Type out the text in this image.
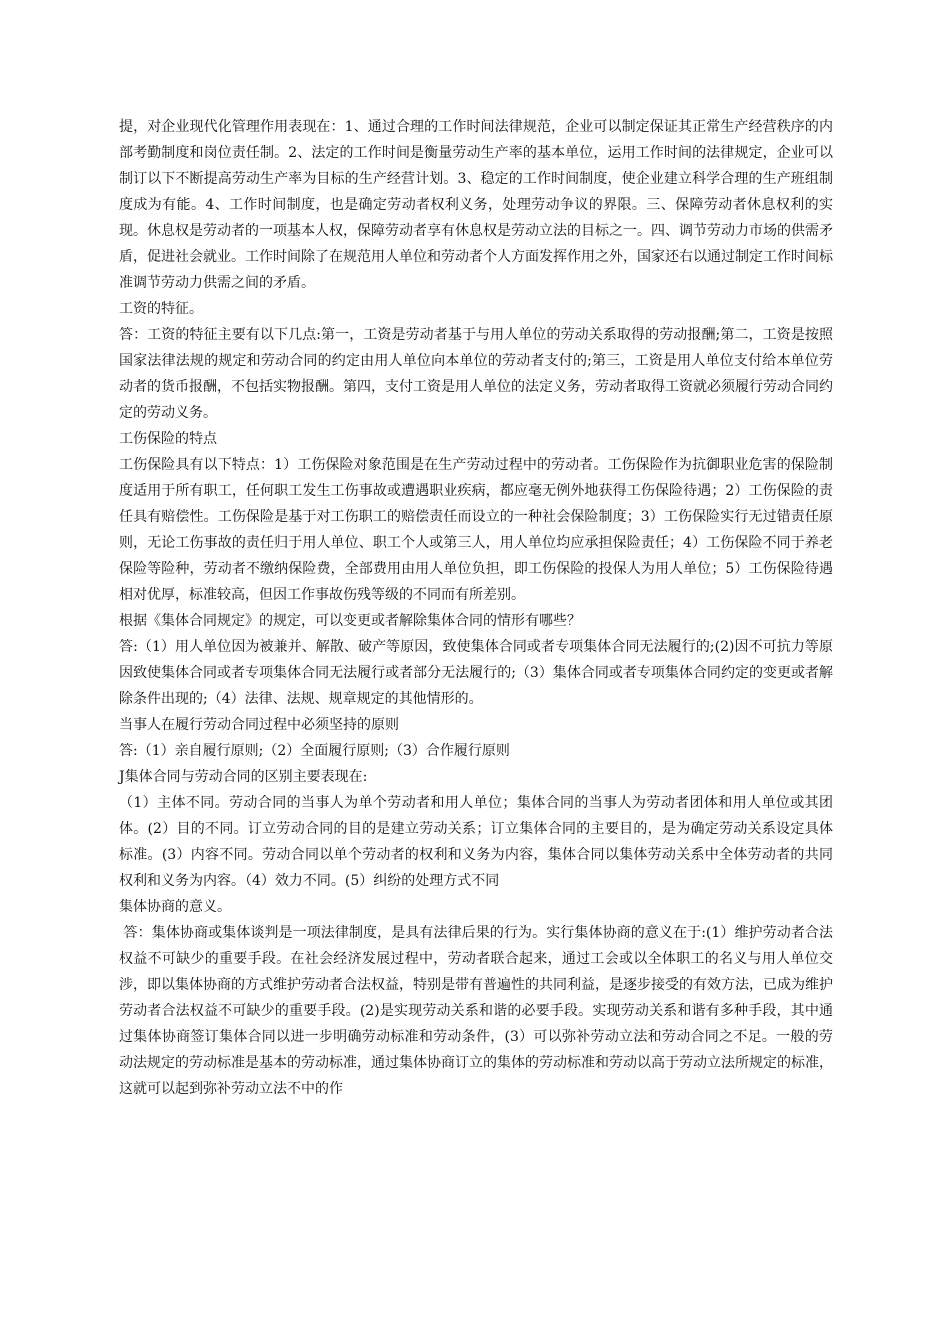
提，对企业现代化管理作用表现在：1、通过合理的工作时间法律规范，企业可以制定保证其正常生产经营秩序的内部考勤制度和岗位责任制。2、法定的工作时间是衡量劳动生产率的基本单位，运用工作时间的法律规定，企业可以制订以下不断提高劳动生产率为目标的生产经营计划。3、稳定的工作时间制度，使企业建立科学合理的生产班组制度成为有能。4、工作时间制度，也是确定劳动者权利义务，处理劳动争议的界限。三、保障劳动者休息权利的实现。休息权是劳动者的一项基本人权，保障劳动者享有休息权是劳动立法的目标之一。四、调节劳动力市场的供需矛盾，促进社会就业。工作时间除了在规范用人单位和劳动者个人方面发挥作用之外，国家还右以通过制定工作时间标准调节劳动力供需之间的矛盾。

工资的特征。

答：工资的特征主要有以下几点:第一，工资是劳动者基于与用人单位的劳动关系取得的劳动报酬;第二，工资是按照国家法律法规的规定和劳动合同的约定由用人单位向本单位的劳动者支付的;第三，工资是用人单位支付给本单位劳动者的货币报酬，不包括实物报酬。第四，支付工资是用人单位的法定义务，劳动者取得工资就必须履行劳动合同约定的劳动义务。

工伤保险的特点

工伤保险具有以下特点：1）工伤保险对象范围是在生产劳动过程中的劳动者。工伤保险作为抗御职业危害的保险制度适用于所有职工，任何职工发生工伤事故或遭遇职业疾病，都应毫无例外地获得工伤保险待遇；2）工伤保险的责任具有赔偿性。工伤保险是基于对工伤职工的赔偿责任而设立的一种社会保险制度；3）工伤保险实行无过错责任原则，无论工伤事故的责任归于用人单位、职工个人或第三人，用人单位均应承担保险责任；4）工伤保险不同于养老保险等险种，劳动者不缴纳保险费，全部费用由用人单位负担，即工伤保险的投保人为用人单位；5）工伤保险待遇相对优厚，标准较高，但因工作事故伤残等级的不同而有所差别。

根据《集体合同规定》的规定，可以变更或者解除集体合同的情形有哪些？

答:（1）用人单位因为被兼并、解散、破产等原因，致使集体合同或者专项集体合同无法履行的;(2)因不可抗力等原因致使集体合同或者专项集体合同无法履行或者部分无法履行的;（3）集体合同或者专项集体合同约定的变更或者解除条件出现的;（4）法律、法规、规章规定的其他情形的。

当事人在履行劳动合同过程中必须坚持的原则

答:（1）亲自履行原则;（2）全面履行原则;（3）合作履行原则

J集体合同与劳动合同的区别主要表现在:

（1）主体不同。劳动合同的当事人为单个劳动者和用人单位；集体合同的当事人为劳动者团体和用人单位或其团体。(2）目的不同。订立劳动合同的目的是建立劳动关系；订立集体合同的主要目的，是为确定劳动关系设定具体标准。(3）内容不同。劳动合同以单个劳动者的权利和义务为内容，集体合同以集体劳动关系中全体劳动者的共同权利和义务为内容。（4）效力不同。(5）纠纷的处理方式不同

集体协商的意义。

答：集体协商或集体谈判是一项法律制度，是具有法律后果的行为。实行集体协商的意义在于:(1）维护劳动者合法权益不可缺少的重要手段。在社会经济发展过程中，劳动者联合起来，通过工会或以全体职工的名义与用人单位交涉，即以集体协商的方式维护劳动者合法权益，特别是带有普遍性的共同利益，是逐步接受的有效方法，已成为维护劳动者合法权益不可缺少的重要手段。(2)是实现劳动关系和谐的必要手段。实现劳动关系和谐有多种手段，其中通过集体协商签订集体合同以进一步明确劳动标准和劳动条件，(3）可以弥补劳动立法和劳动合同之不足。一般的劳动法规定的劳动标准是基本的劳动标准，通过集体协商订立的集体的劳动标准和劳动以高于劳动立法所规定的标准，这就可以起到弥补劳动立法不中的作
